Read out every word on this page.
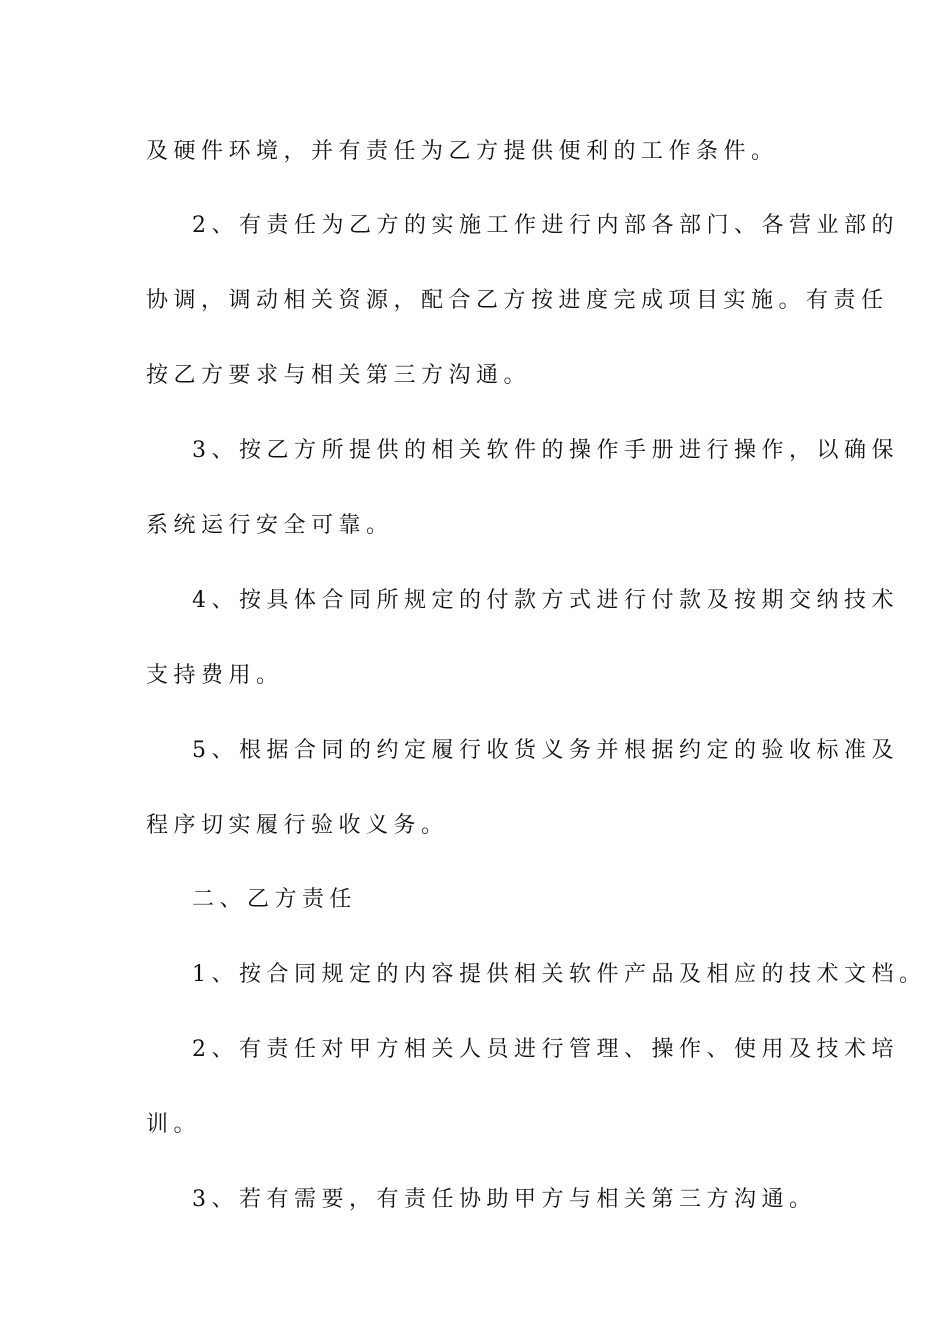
及硬件环境，并有责任为乙方提供便利的工作条件。
2、有责任为乙方的实施工作进行内部各部门、各营业部的
协调，调动相关资源，配合乙方按进度完成项目实施。有责任
按乙方要求与相关第三方沟通。
3、按乙方所提供的相关软件的操作手册进行操作，以确保
系统运行安全可靠。
4、按具体合同所规定的付款方式进行付款及按期交纳技术
支持费用。
5、根据合同的约定履行收货义务并根据约定的验收标准及
程序切实履行验收义务。
二、乙方责任
1、按合同规定的内容提供相关软件产品及相应的技术文档。
2、有责任对甲方相关人员进行管理、操作、使用及技术培
训。
3、若有需要，有责任协助甲方与相关第三方沟通。
